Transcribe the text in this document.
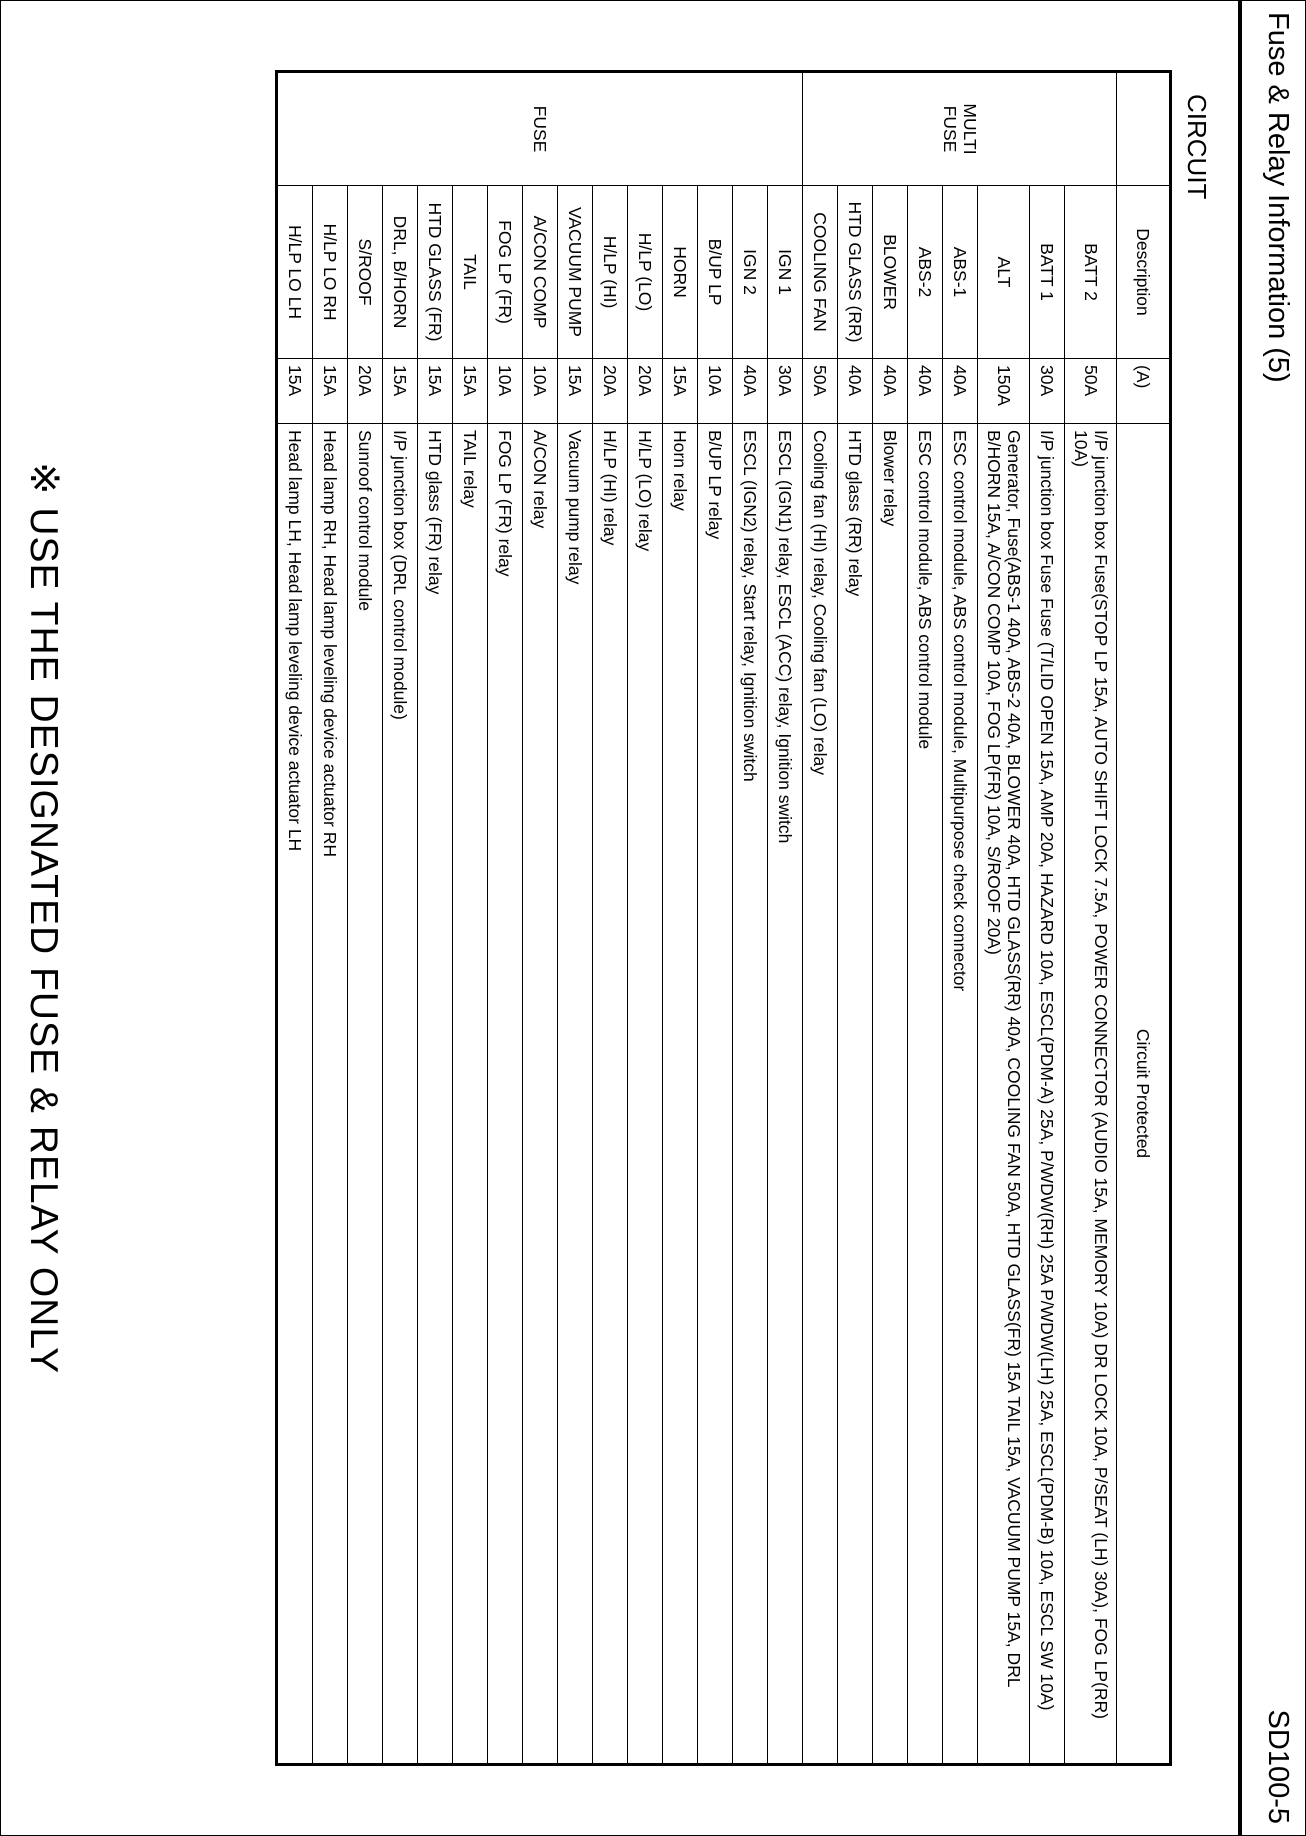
Fuse & Relay Information (5)
SD100-5
CIRCUIT
	Description	(A)	Circuit Protected
MULTI FUSE	BATT 2	50A	I/P junction box Fuse(STOP LP 15A, AUTO SHIFT LOCK 7.5A, POWER CONNECTOR (AUDIO 15A, MEMORY 10A) DR LOCK 10A, P/SEAT (LH) 30A), FOG LP(RR) 10A)
	BATT 1	30A	I/P junction box Fuse Fuse (T/LID OPEN 15A, AMP 20A, HAZARD 10A, ESCL(PDM-A) 25A, P/WDW(RH) 25A P/WDW(LH) 25A, ESCL(PDM-B) 10A, ESCL SW 10A)
	ALT	150A	Generator, Fuse(ABS-1 40A, ABS-2 40A, BLOWER 40A, HTD GLASS(RR) 40A, COOLING FAN 50A, HTD GLASS(FR) 15A TAIL 15A, VACUUM PUMP 15A, DRL B/HORN 15A, A/CON COMP 10A, FOG LP(FR) 10A, S/ROOF 20A)
	ABS-1	40A	ESC control module, ABS control module, Multipurpose check connector
	ABS-2	40A	ESC control module, ABS control module
	BLOWER	40A	Blower relay
	HTD GLASS (RR)	40A	HTD glass (RR) relay
	COOLING FAN	50A	Cooling fan (HI) relay, Cooling fan (LO) relay
FUSE	IGN 1	30A	ESCL (IGN1) relay, ESCL (ACC) relay, Ignition switch
	IGN 2	40A	ESCL (IGN2) relay, Start relay, Ignition switch
	B/UP LP	10A	B/UP LP relay
	HORN	15A	Horn relay
	H/LP (LO)	20A	H/LP (LO) relay
	H/LP (HI)	20A	H/LP (HI) relay
	VACUUM PUMP	15A	Vacuum pump relay
	A/CON COMP	10A	A/CON relay
	FOG LP (FR)	10A	FOG LP (FR) relay
	TAIL	15A	TAIL relay
	HTD GLASS (FR)	15A	HTD glass (FR) relay
	DRL, B/HORN	15A	I/P junction box (DRL control module)
	S/ROOF	20A	Sunroof control module
	H/LP LO RH	15A	Head lamp RH, Head lamp leveling device actuator RH
	H/LP LO LH	15A	Head lamp LH, Head lamp leveling device actuator LH
※ USE THE DESIGNATED FUSE & RELAY ONLY
